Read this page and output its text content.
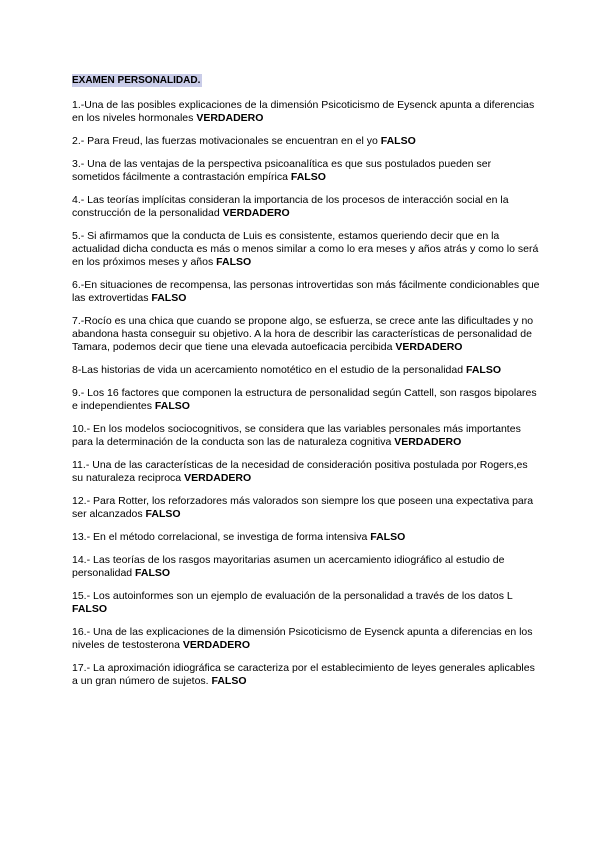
EXAMEN PERSONALIDAD.

1.-Una de las posibles explicaciones de la dimensión Psicoticismo de Eysenck apunta a diferencias en los niveles hormonales VERDADERO

2.- Para Freud, las fuerzas motivacionales se encuentran en el yo FALSO

3.- Una de las ventajas de la perspectiva psicoanalítica es que sus postulados pueden ser sometidos fácilmente a contrastación empírica FALSO

4.- Las teorías implícitas consideran la importancia de los procesos de interacción social en la construcción de la personalidad VERDADERO

5.- Si afirmamos que la conducta de Luis es consistente, estamos queriendo decir que en la actualidad dicha conducta es más o menos similar a como lo era meses y años atrás y como lo será en los próximos meses y años FALSO

6.-En situaciones de recompensa, las personas introvertidas son más fácilmente condicionables que las extrovertidas FALSO

7.-Rocío es una chica que cuando se propone algo, se esfuerza, se crece ante las dificultades y no abandona hasta conseguir su objetivo. A la hora de describir las características de personalidad de Tamara, podemos decir que tiene una elevada autoeficacia percibida VERDADERO

8-Las historias de vida un acercamiento nomotético en el estudio de la personalidad FALSO

9.- Los 16 factores que componen la estructura de personalidad según Cattell, son rasgos bipolares e independientes FALSO

10.- En los modelos sociocognitivos, se considera que las variables personales más importantes para la determinación de la conducta son las de naturaleza cognitiva VERDADERO

11.- Una de las características de la necesidad de consideración positiva postulada por Rogers,es su naturaleza reciproca VERDADERO

12.- Para Rotter, los reforzadores más valorados son siempre los que poseen una expectativa para ser alcanzados FALSO

13.- En el método correlacional, se investiga de forma intensiva FALSO

14.- Las teorías de los rasgos mayoritarias asumen un acercamiento idiográfico al estudio de personalidad FALSO

15.- Los autoinformes son un ejemplo de evaluación de la personalidad a través de los datos L FALSO

16.- Una de las explicaciones de la dimensión Psicoticismo de Eysenck apunta a diferencias en los niveles de testosterona VERDADERO

17.- La aproximación idiográfica se caracteriza por el establecimiento de leyes generales aplicables a un gran número de sujetos. FALSO
